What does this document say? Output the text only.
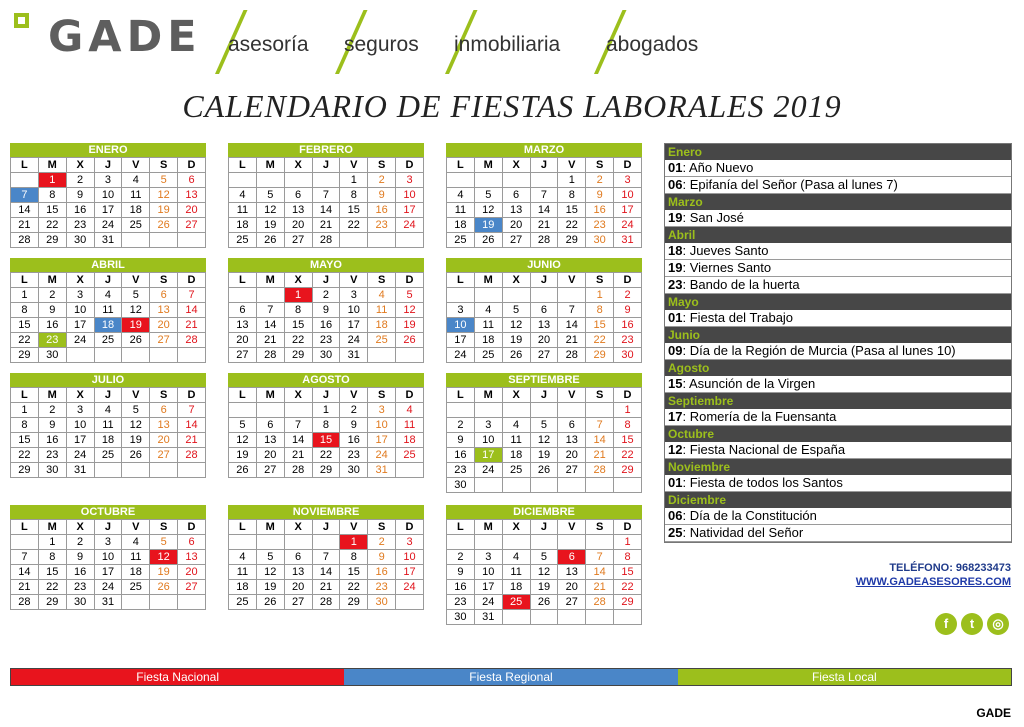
GADE asesoría seguros inmobiliaria abogados
CALENDARIO DE FIESTAS LABORALES 2019
ENERO
L	M	X	J	V	S	D
	1	2	3	4	5	6
7	8	9	10	11	12	13
14	15	16	17	18	19	20
21	22	23	24	25	26	27
28	29	30	31			
FEBRERO
L	M	X	J	V	S	D
				1	2	3
4	5	6	7	8	9	10
11	12	13	14	15	16	17
18	19	20	21	22	23	24
25	26	27	28			
MARZO
L	M	X	J	V	S	D
				1	2	3
4	5	6	7	8	9	10
11	12	13	14	15	16	17
18	19	20	21	22	23	24
25	26	27	28	29	30	31
ABRIL
L	M	X	J	V	S	D
1	2	3	4	5	6	7
8	9	10	11	12	13	14
15	16	17	18	19	20	21
22	23	24	25	26	27	28
29	30					
MAYO
L	M	X	J	V	S	D
		1	2	3	4	5
6	7	8	9	10	11	12
13	14	15	16	17	18	19
20	21	22	23	24	25	26
27	28	29	30	31		
JUNIO
L	M	X	J	V	S	D
					1	2
3	4	5	6	7	8	9
10	11	12	13	14	15	16
17	18	19	20	21	22	23
24	25	26	27	28	29	30
JULIO
L	M	X	J	V	S	D
1	2	3	4	5	6	7
8	9	10	11	12	13	14
15	16	17	18	19	20	21
22	23	24	25	26	27	28
29	30	31				
AGOSTO
L	M	X	J	V	S	D
			1	2	3	4
5	6	7	8	9	10	11
12	13	14	15	16	17	18
19	20	21	22	23	24	25
26	27	28	29	30	31	
SEPTIEMBRE
L	M	X	J	V	S	D
						1
2	3	4	5	6	7	8
9	10	11	12	13	14	15
16	17	18	19	20	21	22
23	24	25	26	27	28	29
30						
OCTUBRE
L	M	X	J	V	S	D
	1	2	3	4	5	6
7	8	9	10	11	12	13
14	15	16	17	18	19	20
21	22	23	24	25	26	27
28	29	30	31			
NOVIEMBRE
L	M	X	J	V	S	D
				1	2	3
4	5	6	7	8	9	10
11	12	13	14	15	16	17
18	19	20	21	22	23	24
25	26	27	28	29	30	
DICIEMBRE
L	M	X	J	V	S	D
						1
2	3	4	5	6	7	8
9	10	11	12	13	14	15
16	17	18	19	20	21	22
23	24	25	26	27	28	29
30	31					
Enero
01: Año Nuevo
06: Epifanía del Señor (Pasa al lunes 7)
Marzo
19: San José
Abril
18: Jueves Santo
19: Viernes Santo
23: Bando de la huerta
Mayo
01: Fiesta del Trabajo
Junio
09: Día de la Región de Murcia (Pasa al lunes 10)
Agosto
15: Asunción de la Virgen
Septiembre
17: Romería de la Fuensanta
Octubre
12: Fiesta Nacional de España
Noviembre
01: Fiesta de todos los Santos
Diciembre
06: Día de la Constitución
25: Natividad del Señor
TELÉFONO: 968233473
WWW.GADEASESORES.COM
f	t	◎
Fiesta Nacional	Fiesta Regional	Fiesta Local
GADE
